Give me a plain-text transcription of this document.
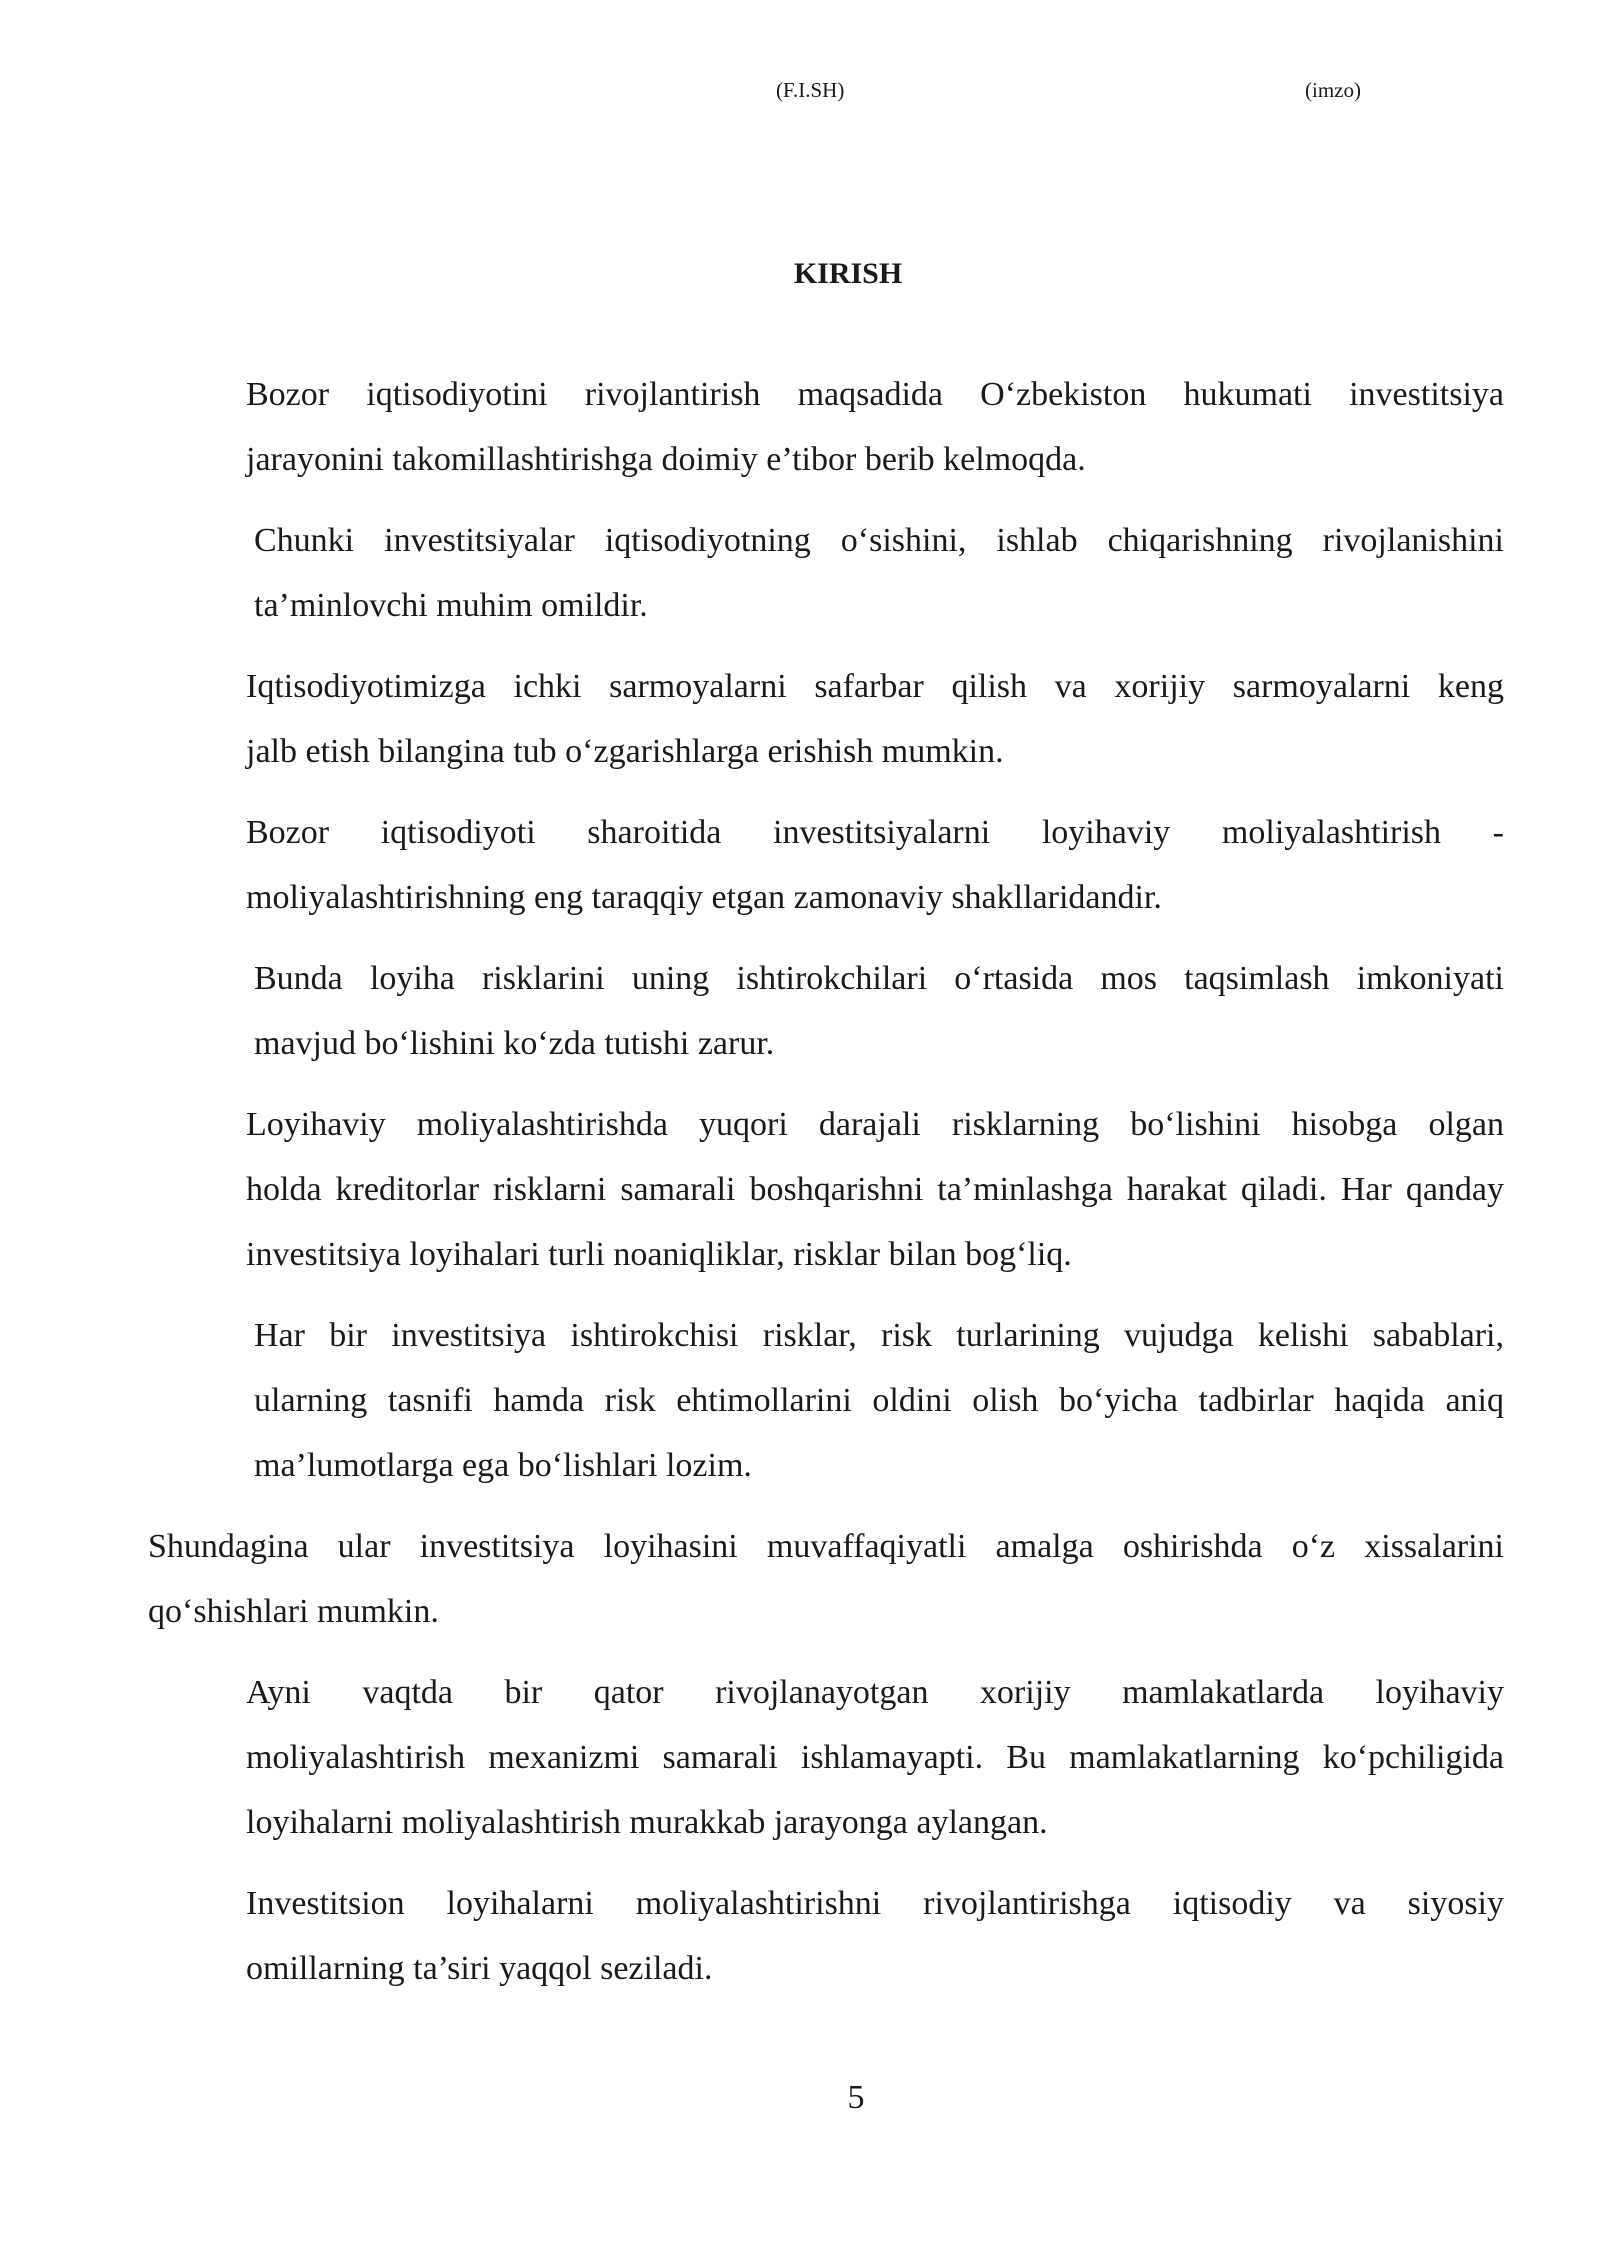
(F.I.SH)	(imzo)
KIRISH

Bozor iqtisodiyotini rivojlantirish maqsadida O‘zbekiston hukumati investitsiya
jarayonini takomillashtirishga doimiy e’tibor berib kelmoqda.

Chunki investitsiyalar iqtisodiyotning o‘sishini, ishlab chiqarishning rivojlanishini
ta’minlovchi muhim omildir.

Iqtisodiyotimizga ichki sarmoyalarni safarbar qilish va xorijiy sarmoyalarni keng
jalb etish bilangina tub o‘zgarishlarga erishish mumkin.

Bozor iqtisodiyoti sharoitida investitsiyalarni loyihaviy moliyalashtirish -
moliyalashtirishning eng taraqqiy etgan zamonaviy shakllaridandir.

Bunda loyiha risklarini uning ishtirokchilari o‘rtasida mos taqsimlash imkoniyati
mavjud bo‘lishini ko‘zda tutishi zarur.

Loyihaviy moliyalashtirishda yuqori darajali risklarning bo‘lishini hisobga olgan
holda kreditorlar risklarni samarali boshqarishni ta’minlashga harakat qiladi. Har qanday
investitsiya loyihalari turli noaniqliklar, risklar bilan bog‘liq.

Har bir investitsiya ishtirokchisi risklar, risk turlarining vujudga kelishi sabablari,
ularning tasnifi hamda risk ehtimollarini oldini olish bo‘yicha tadbirlar haqida aniq
ma’lumotlarga ega bo‘lishlari lozim.

Shundagina ular investitsiya loyihasini muvaffaqiyatli amalga oshirishda o‘z xissalarini
qo‘shishlari mumkin.

Ayni vaqtda bir qator rivojlanayotgan xorijiy mamlakatlarda loyihaviy
moliyalashtirish mexanizmi samarali ishlamayapti. Bu mamlakatlarning ko‘pchiligida
loyihalarni moliyalashtirish murakkab jarayonga aylangan.

Investitsion loyihalarni moliyalashtirishni rivojlantirishga iqtisodiy va siyosiy
omillarning ta’siri yaqqol seziladi.

5
